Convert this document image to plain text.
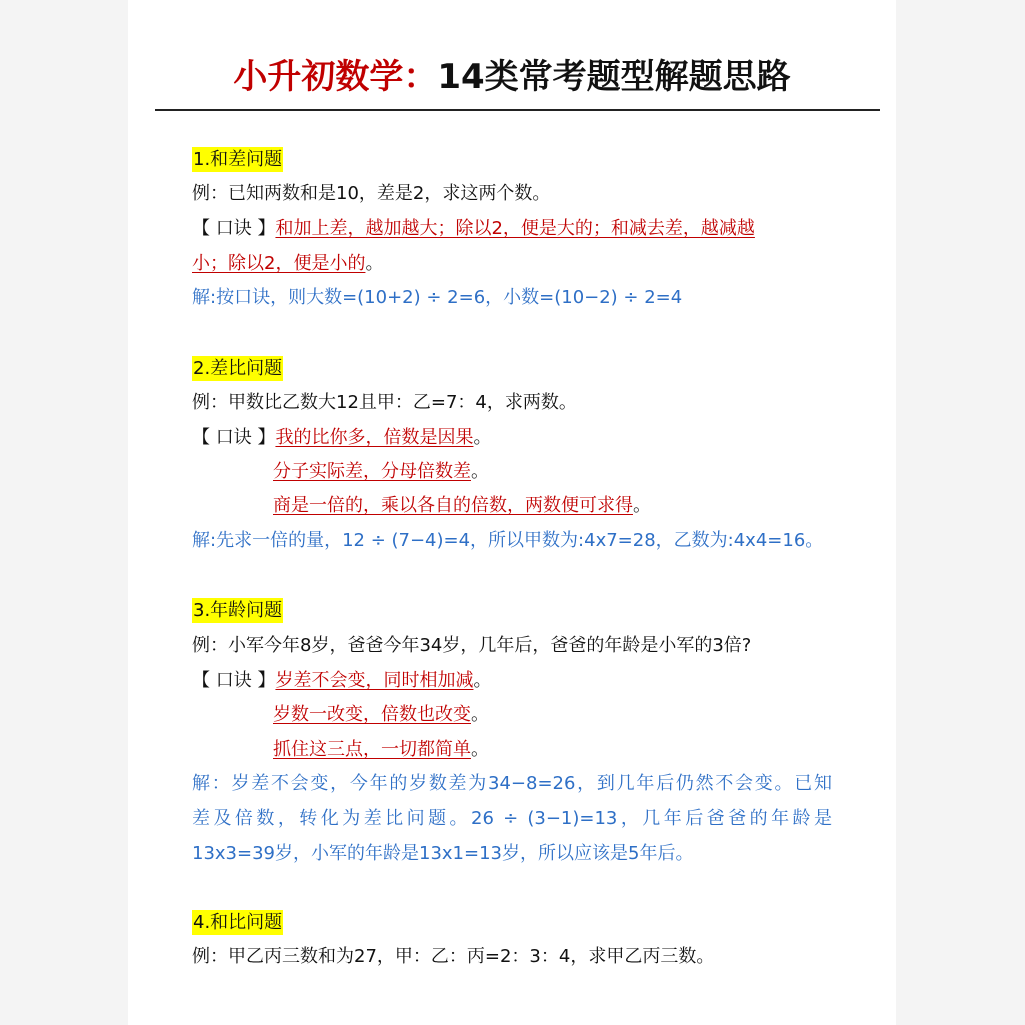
小升初数学：14类常考题型解题思路
1.和差问题
例：已知两数和是10，差是2，求这两个数。
【 口诀 】和加上差，越加越大；除以2，便是大的；和减去差，越减越
小；除以2，便是小的。
解:按口诀，则大数=(10+2) ÷ 2=6，小数=(10−2) ÷ 2=4
2.差比问题
例：甲数比乙数大12且甲：乙=7：4，求两数。
【 口诀 】我的比你多，倍数是因果。
分子实际差，分母倍数差。
商是一倍的，乘以各自的倍数，两数便可求得。
解:先求一倍的量，12 ÷ (7−4)=4，所以甲数为:4x7=28，乙数为:4x4=16。
3.年龄问题
例：小军今年8岁，爸爸今年34岁，几年后，爸爸的年龄是小军的3倍?
【 口诀 】岁差不会变，同时相加减。
岁数一改变，倍数也改变。
抓住这三点，一切都简单。
解：岁差不会变，今年的岁数差为34−8=26，到几年后仍然不会变。已知
差及倍数，转化为差比问题。26 ÷ (3−1)=13，几年后爸爸的年龄是
13x3=39岁，小军的年龄是13x1=13岁，所以应该是5年后。
4.和比问题
例：甲乙丙三数和为27，甲：乙：丙=2：3：4，求甲乙丙三数。
